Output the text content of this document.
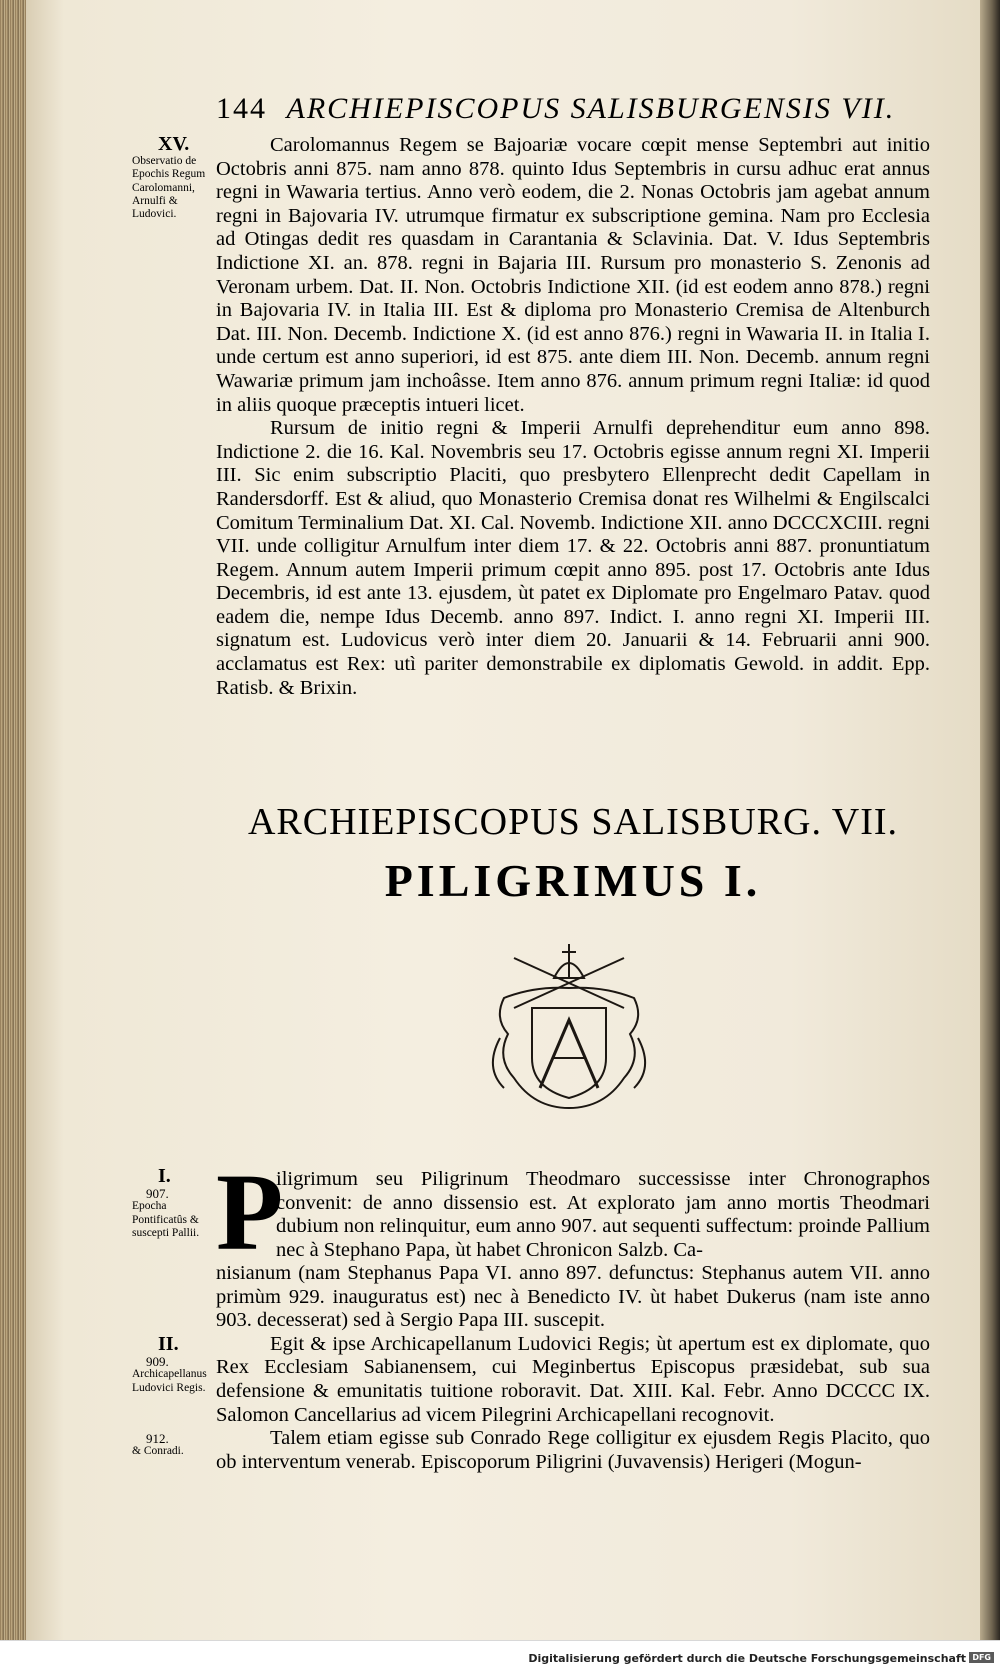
144 ARCHIEPISCOPUS SALISBURGENSIS VII.
XV.
Observatio de Epochis Regum Carolomanni, Arnulfi & Ludovici.

Carolomannus Regem se Bajoariæ vocare cœpit mense Septembri aut initio Octobris anni 875. nam anno 878. quinto Idus Septembris in cursu adhuc erat annus regni in Wawaria tertius. Anno verò eodem, die 2. Nonas Octobris jam agebat annum regni in Bajovaria IV. utrumque firmatur ex subscriptione gemina. Nam pro Ecclesia ad Otingas dedit res quasdam in Carantania & Sclavinia. Dat. V. Idus Septembris Indictione XI. an. 878. regni in Bajaria III. Rursum pro monasterio S. Zenonis ad Veronam urbem. Dat. II. Non. Octobris Indictione XII. (id est eodem anno 878.) regni in Bajovaria IV. in Italia III. Est & diploma pro Monasterio Cremisa de Altenburch Dat. III. Non. Decemb. Indictione X. (id est anno 876.) regni in Wawaria II. in Italia I. unde certum est anno superiori, id est 875. ante diem III. Non. Decemb. annum regni Wawariæ primum jam inchoâsse. Item anno 876. annum primum regni Italiæ: id quod in aliis quoque præceptis intueri licet.

Rursum de initio regni & Imperii Arnulfi deprehenditur eum anno 898. Indictione 2. die 16. Kal. Novembris seu 17. Octobris egisse annum regni XI. Imperii III. Sic enim subscriptio Placiti, quo presbytero Ellenprecht dedit Capellam in Randersdorff. Est & aliud, quo Monasterio Cremisa donat res Wilhelmi & Engilscalci Comitum Terminalium Dat. XI. Cal. Novemb. Indictione XII. anno DCCCXCIII. regni VII. unde colligitur Arnulfum inter diem 17. & 22. Octobris anni 887. pronuntiatum Regem. Annum autem Imperii primum cœpit anno 895. post 17. Octobris ante Idus Decembris, id est ante 13. ejusdem, ùt patet ex Diplomate pro Engelmaro Patav. quod eadem die, nempe Idus Decemb. anno 897. Indict. I. anno regni XI. Imperii III. signatum est. Ludovicus verò inter diem 20. Januarii & 14. Februarii anni 900. acclamatus est Rex: utì pariter demonstrabile ex diplomatis Gewold. in addit. Epp. Ratisb. & Brixin.

ARCHIEPISCOPUS SALISBURG. VII.
PILIGRIMUS I.
I.
907.
Epocha Pontificatûs & suscepti Pallii.
II.
909.
Archicapellanus Ludovici Regis.
912.
& Conradi.
P
iligrimum seu Piligrinum Theodmaro successisse inter Chronographos convenit: de anno dissensio est. At explorato jam anno mortis Theodmari dubium non relinquitur, eum anno 907. aut sequenti suffectum: proinde Pallium nec à Stephano Papa, ùt habet Chronicon Salzb. Ca-
nisianum (nam Stephanus Papa VI. anno 897. defunctus: Stephanus autem VII. anno primùm 929. inauguratus est) nec à Benedicto IV. ùt habet Dukerus (nam iste anno 903. decesserat) sed à Sergio Papa III. suscepit.

Egit & ipse Archicapellanum Ludovici Regis; ùt apertum est ex diplomate, quo Rex Ecclesiam Sabianensem, cui Meginbertus Episcopus præsidebat, sub sua defensione & emunitatis tuitione roboravit. Dat. XIII. Kal. Febr. Anno DCCCC IX. Salomon Cancellarius ad vicem Pilegrini Archicapellani recognovit.

Talem etiam egisse sub Conrado Rege colligitur ex ejusdem Regis Placito, quo ob interventum venerab. Episcoporum Piligrini (Juvavensis) Herigeri (Mogun-

Digitalisierung gefördert durch die Deutsche Forschungsgemeinschaft DFG
